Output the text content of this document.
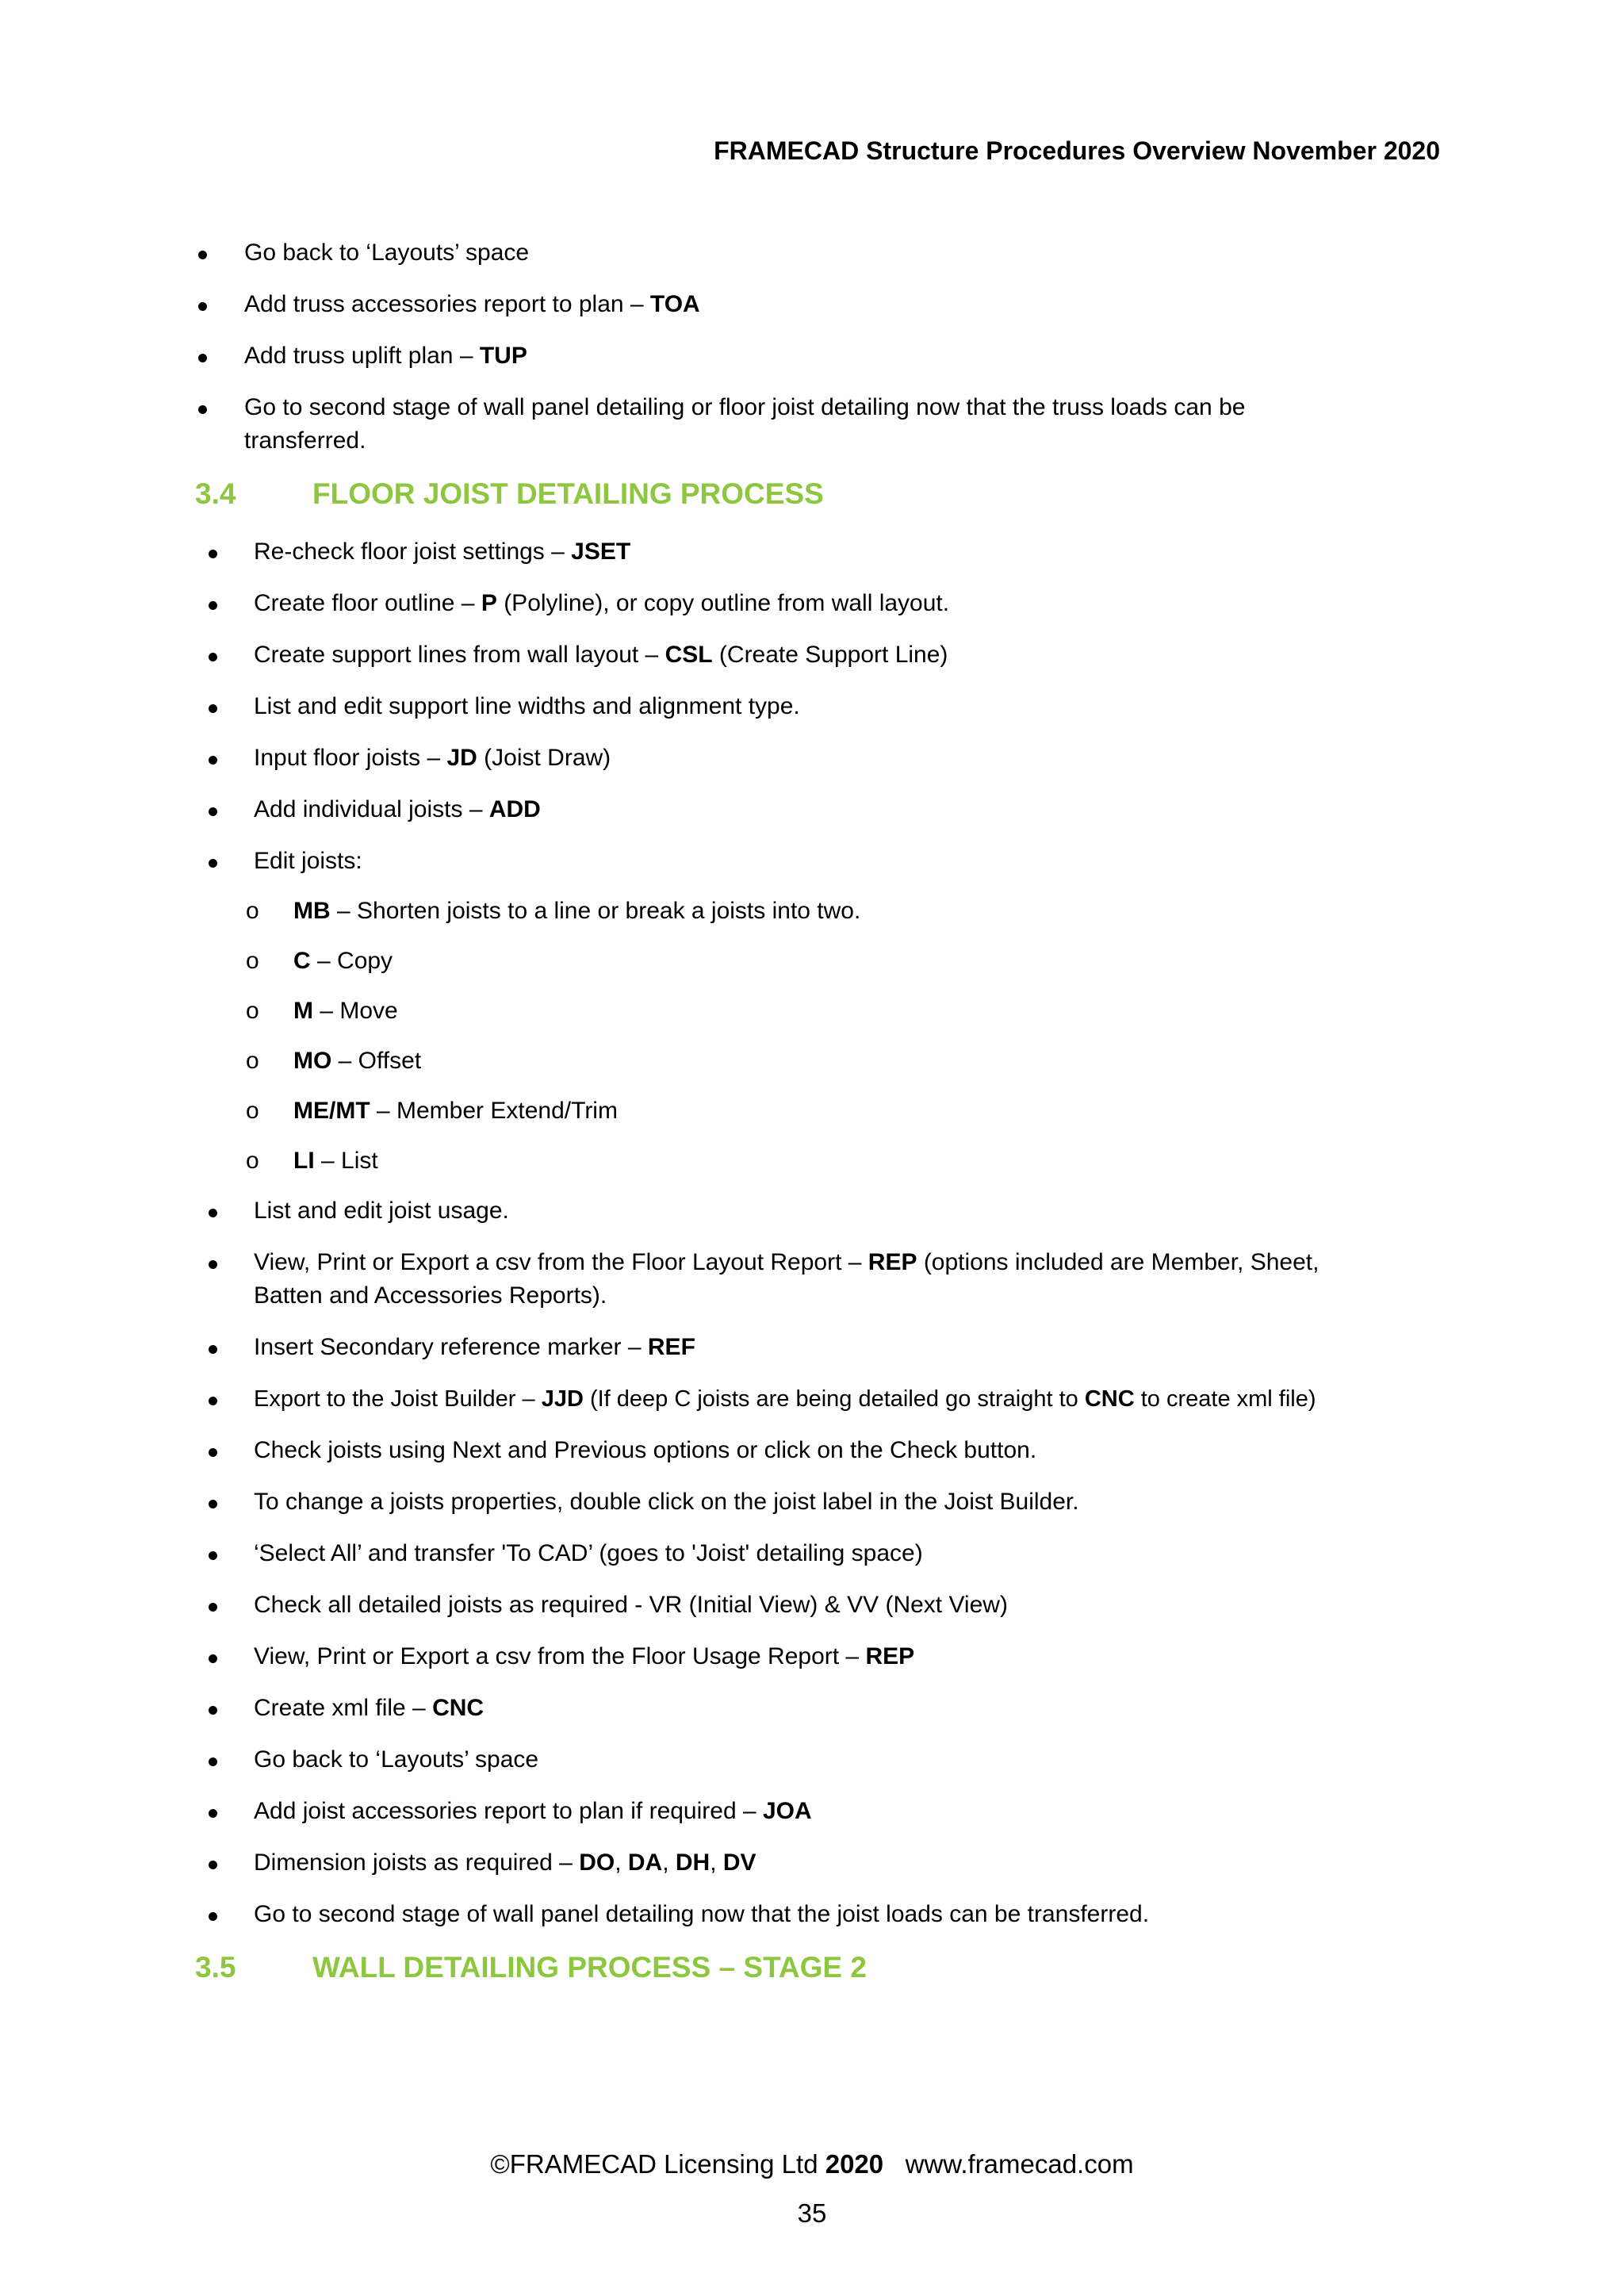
FRAMECAD Structure Procedures Overview November 2020
Go back to ‘Layouts’ space
Add truss accessories report to plan – TOA
Add truss uplift plan – TUP
Go to second stage of wall panel detailing or floor joist detailing now that the truss loads can be
transferred.
3.4	FLOOR JOIST DETAILING PROCESS
Re-check floor joist settings – JSET
Create floor outline – P (Polyline), or copy outline from wall layout.
Create support lines from wall layout – CSL (Create Support Line)
List and edit support line widths and alignment type.
Input floor joists – JD (Joist Draw)
Add individual joists – ADD
Edit joists:
o MB – Shorten joists to a line or break a joists into two.
o C – Copy
o M – Move
o MO – Offset
o ME/MT – Member Extend/Trim
o LI – List
List and edit joist usage.
View, Print or Export a csv from the Floor Layout Report – REP (options included are Member, Sheet,
Batten and Accessories Reports).
Insert Secondary reference marker – REF
Export to the Joist Builder – JJD (If deep C joists are being detailed go straight to CNC to create xml file)
Check joists using Next and Previous options or click on the Check button.
To change a joists properties, double click on the joist label in the Joist Builder.
‘Select All’ and transfer 'To CAD’ (goes to 'Joist' detailing space)
Check all detailed joists as required - VR (Initial View) & VV (Next View)
View, Print or Export a csv from the Floor Usage Report – REP
Create xml file – CNC
Go back to ‘Layouts’ space
Add joist accessories report to plan if required – JOA
Dimension joists as required – DO, DA, DH, DV
Go to second stage of wall panel detailing now that the joist loads can be transferred.
3.5	WALL DETAILING PROCESS – STAGE 2
©FRAMECAD Licensing Ltd 2020   www.framecad.com
35
